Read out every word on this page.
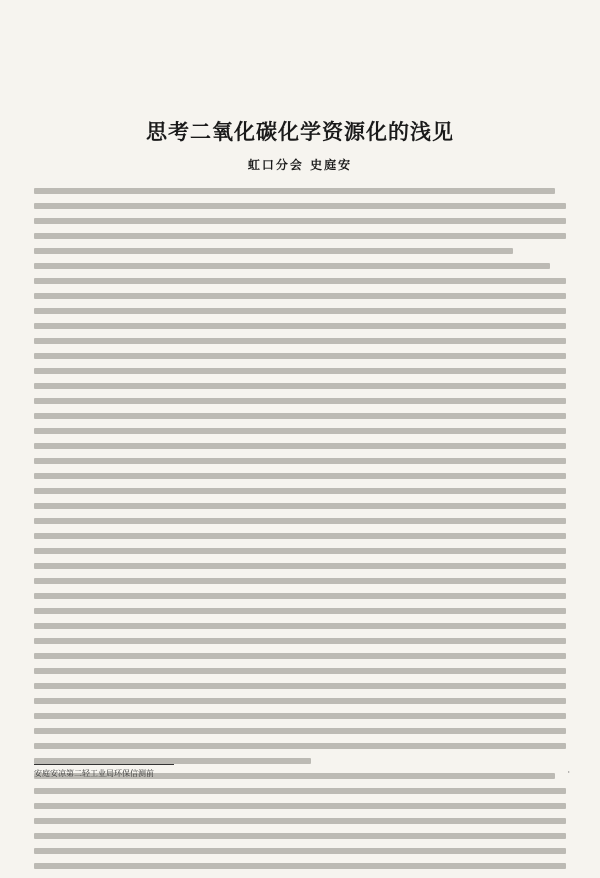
思考二氧化碳化学资源化的浅见
虹口分会 史庭安
安庭安凉第二轻工业局环保信测前	·
